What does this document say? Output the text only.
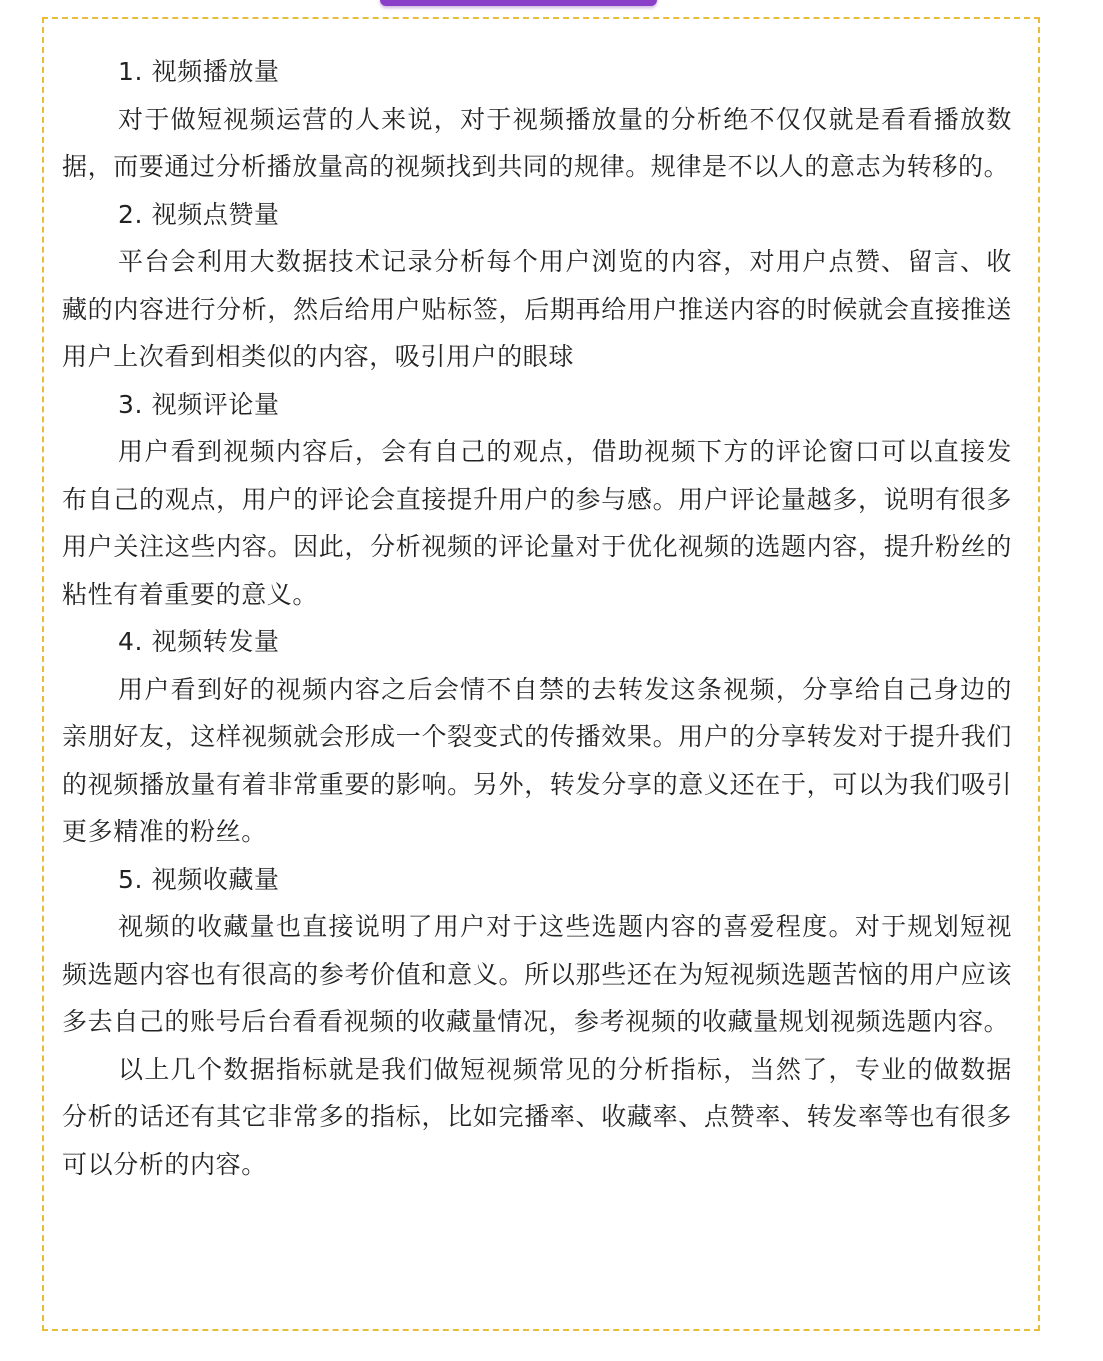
1. 视频播放量

对于做短视频运营的人来说，对于视频播放量的分析绝不仅仅就是看看播放数据，而要通过分析播放量高的视频找到共同的规律。规律是不以人的意志为转移的。

2. 视频点赞量

平台会利用大数据技术记录分析每个用户浏览的内容，对用户点赞、留言、收藏的内容进行分析，然后给用户贴标签，后期再给用户推送内容的时候就会直接推送用户上次看到相类似的内容，吸引用户的眼球

3. 视频评论量

用户看到视频内容后，会有自己的观点，借助视频下方的评论窗口可以直接发布自己的观点，用户的评论会直接提升用户的参与感。用户评论量越多，说明有很多用户关注这些内容。因此，分析视频的评论量对于优化视频的选题内容，提升粉丝的粘性有着重要的意义。

4. 视频转发量

用户看到好的视频内容之后会情不自禁的去转发这条视频，分享给自己身边的亲朋好友，这样视频就会形成一个裂变式的传播效果。用户的分享转发对于提升我们的视频播放量有着非常重要的影响。另外，转发分享的意义还在于，可以为我们吸引更多精准的粉丝。

5. 视频收藏量

视频的收藏量也直接说明了用户对于这些选题内容的喜爱程度。对于规划短视频选题内容也有很高的参考价值和意义。所以那些还在为短视频选题苦恼的用户应该多去自己的账号后台看看视频的收藏量情况，参考视频的收藏量规划视频选题内容。

以上几个数据指标就是我们做短视频常见的分析指标，当然了，专业的做数据分析的话还有其它非常多的指标，比如完播率、收藏率、点赞率、转发率等也有很多可以分析的内容。
